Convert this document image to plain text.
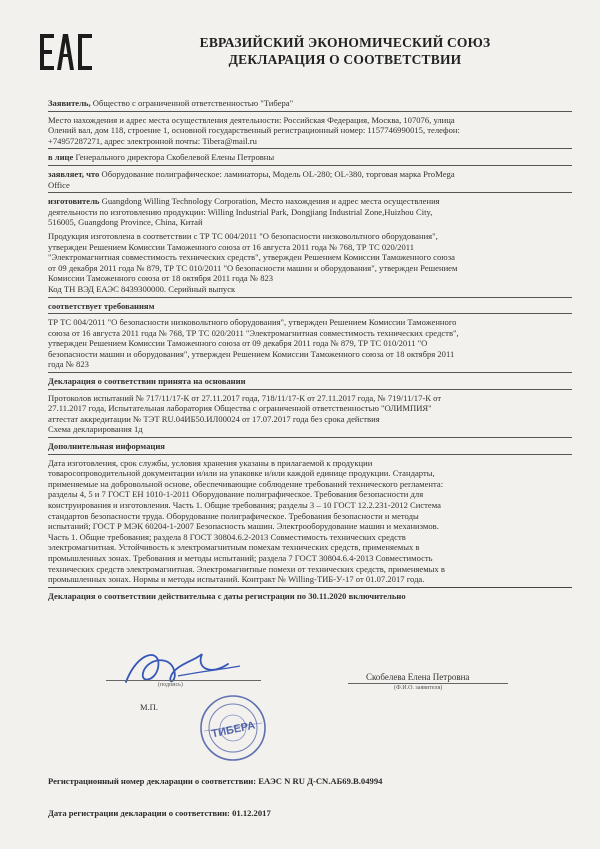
ЕВРАЗИЙСКИЙ ЭКОНОМИЧЕСКИЙ СОЮЗ
ДЕКЛАРАЦИЯ О СООТВЕТСТВИИ
Заявитель, Общество с ограниченной ответственностью "Тибера"
Место нахождения и адрес места осуществления деятельности: Российская Федерация, Москва, 107076, улица
Олений вал, дом 118, строение 1, основной государственный регистрационный номер: 1157746990015, телефон:
+74957287271, адрес электронной почты: Tibera@mail.ru
в лице Генерального директора Скобелевой Елены Петровны
заявляет, что Оборудование полиграфическое: ламинаторы, Модель OL-280; OL-380, торговая марка ProMega
Office
изготовитель Guangdong Willing Technology Corporation, Место нахождения и адрес места осуществления
деятельности по изготовлению продукции: Willing Industrial Park, Dongjiang Industrial Zone,Huizhou City,
516005, Guangdong Province, China, Китай
Продукция изготовлена в соответствии с ТР ТС 004/2011 "О безопасности низковольтного оборудования",
утвержден Решением Комиссии Таможенного союза от 16 августа 2011 года № 768, ТР ТС 020/2011
"Электромагнитная совместимость технических средств", утвержден Решением Комиссии Таможенного союза
от 09 декабря 2011 года № 879, ТР ТС 010/2011 "О безопасности машин и оборудования", утвержден Решением
Комиссии Таможенного союза от 18 октября 2011 года № 823
Код ТН ВЭД ЕАЭС 8439300000. Серийный выпуск
соответствует требованиям
ТР ТС 004/2011 "О безопасности низковольтного оборудования", утвержден Решением Комиссии Таможенного
союза от 16 августа 2011 года № 768, ТР ТС 020/2011 "Электромагнитная совместимость технических средств",
утвержден Решением Комиссии Таможенного союза от 09 декабря 2011 года № 879, ТР ТС 010/2011 "О
безопасности машин и оборудования", утвержден Решением Комиссии Таможенного союза от 18 октября 2011
года № 823
Декларация о соответствии принята на основании
Протоколов испытаний № 717/11/17-К от 27.11.2017 года, 718/11/17-К от 27.11.2017 года, № 719/11/17-К от
27.11.2017 года, Испытательная лаборатория Общества с ограниченной ответственностью "ОЛИМПИЯ"
аттестат аккредитации № ТЭТ RU.04ИБ50.ИЛ00024 от 17.07.2017 года без срока действия
Схема декларирования 1д
Дополнительная информация
Дата изготовления, срок службы, условия хранения указаны в прилагаемой к продукции
товаросопроводительной документации и/или на упаковке и/или каждой единице продукции. Стандарты,
применяемые на добровольной основе, обеспечивающие соблюдение требований технического регламента:
разделы 4, 5 и 7 ГОСТ ЕН 1010-1-2011 Оборудование полиграфическое. Требования безопасности для
конструирования и изготовления. Часть 1. Общие требования; разделы 3 – 10 ГОСТ 12.2.231-2012 Система
стандартов безопасности труда. Оборудование полиграфическое. Требования безопасности и методы
испытаний; ГОСТ Р МЭК 60204-1-2007 Безопасность машин. Электрооборудование машин и механизмов.
Часть 1. Общие требования; раздела 8 ГОСТ 30804.6.2-2013 Совместимость технических средств
электромагнитная. Устойчивость к электромагнитным помехам технических средств, применяемых в
промышленных зонах. Требования и методы испытаний; раздела 7 ГОСТ 30804.6.4-2013 Совместимость
технических средств электромагнитная. Электромагнитные помехи от технических средств, применяемых в
промышленных зонах. Нормы и методы испытаний. Контракт № Willing-ТИБ-У-17 от 01.07.2017 года.
Декларация о соответствии действительна с даты регистрации по 30.11.2020 включительно
(подпись)
Скобелева Елена Петровна
(Ф.И.О. заявителя)
М.П.
ТИБЕРА
Регистрационный номер декларации о соответствии: ЕАЭС N RU Д-CN.АБ69.В.04994
Дата регистрации декларации о соответствии: 01.12.2017
